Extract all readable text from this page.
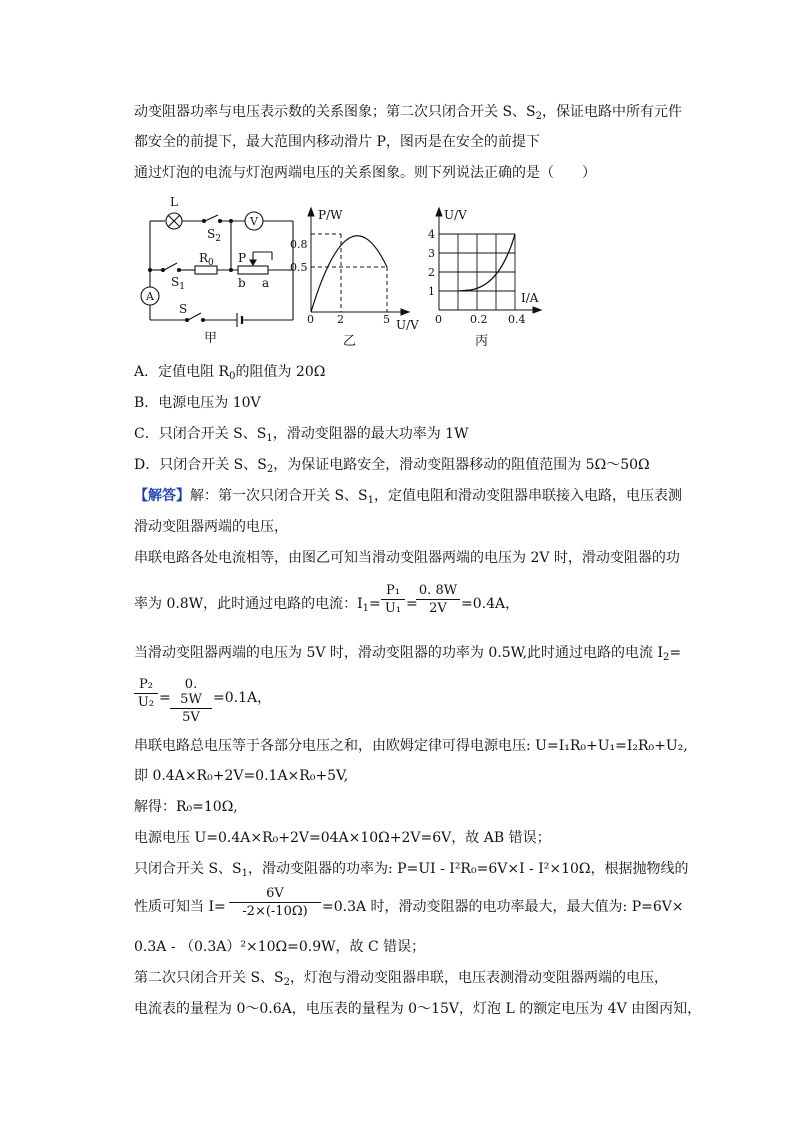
动变阻器功率与电压表示数的关系图象；第二次只闭合开关 S、$S_2$，保证电路中所有元件
都安全的前提下，最大范围内移动滑片 P，图丙是在安全的前提下
通过灯泡的电流与灯泡两端电压的关系图象。则下列说法正确的是（　　）
L
$S_2$
V
$R_0$ P
b a
$S_1$
A
S
甲
P/W
0.8
0.5
0 2	5 U/V
乙
U/V
4
3
2
1
0	0.2 0.4
I/A
丙
A．定值电阻 $R_0$的阻值为 20Ω
B．电源电压为 10V
C．只闭合开关 S、$S_1$，滑动变阻器的最大功率为 1W
D．只闭合开关 S、$S_2$，为保证电路安全，滑动变阻器移动的阻值范围为 5Ω～50Ω
【解答】解：第一次只闭合开关 S、$S_1$，定值电阻和滑动变阻器串联接入电路，电压表测
滑动变阻器两端的电压，
串联电路各处电流相等，由图乙可知当滑动变阻器两端的电压为 2V 时，滑动变阻器的功
率为 0.8W，此时通过电路的电流：$I_1=$
P₁
U₁ =
0. 8W
2V	=0.4A，
当滑动变阻器两端的电压为 5V 时，滑动变阻器的功率为 0.5W,此时通过电路的电流 $I_2=$
P₂
U₂ =
0. 5W
5V
=0.1A，
串联电路总电压等于各部分电压之和，由欧姆定律可得电源电压: U=I₁R₀+U₁=I₂R₀+U₂,
即 0.4A×R₀+2V=0.1A×R₀+5V,
解得：R₀=10Ω,
电源电压 U=0.4A×R₀+2V=04A×10Ω+2V=6V，故 AB 错误；
只闭合开关 S、$S_1$，滑动变阻器的功率为: P=UI - I²R₀=6V×I - I²×10Ω，根据抛物线的
性质可知当 I=
6V
-2×(-10Ω)	=0.3A 时，滑动变阻器的电功率最大，最大值为: P=6V×
0.3A - （0.3A）²×10Ω=0.9W，故 C 错误；
第二次只闭合开关 S、$S_2$，灯泡与滑动变阻器串联，电压表测滑动变阻器两端的电压，
电流表的量程为 0～0.6A，电压表的量程为 0～15V，灯泡 L 的额定电压为 4V 由图丙知，
